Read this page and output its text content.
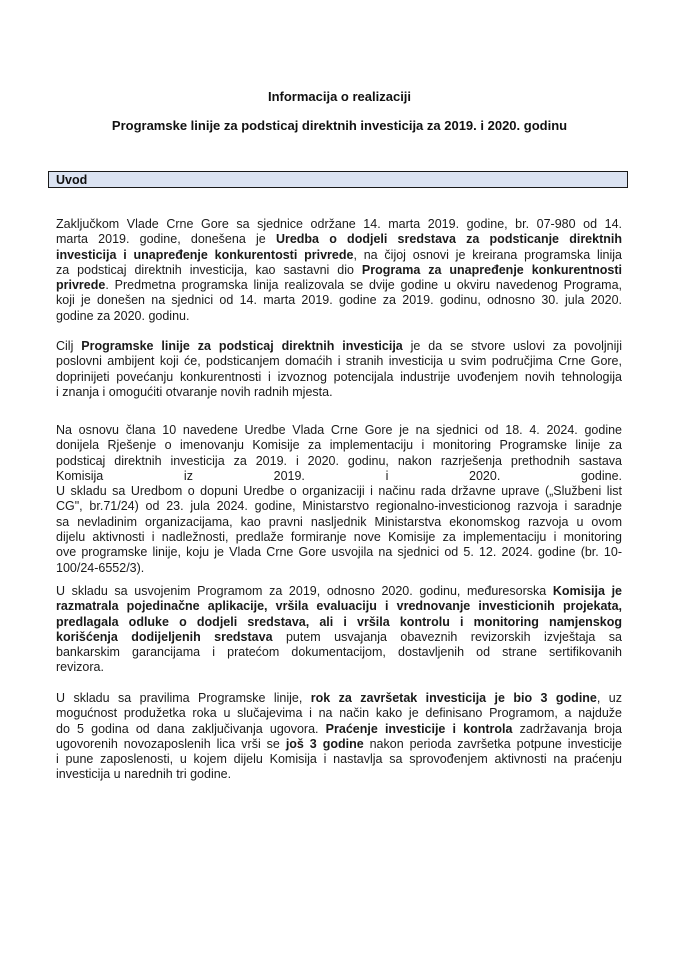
Informacija o realizaciji
Programske linije za podsticaj direktnih investicija za 2019. i 2020. godinu
Uvod
Zaključkom Vlade Crne Gore sa sjednice održane 14. marta 2019. godine, br. 07-980 od 14.
marta 2019. godine, donešena je Uredba o dodjeli sredstava za podsticanje direktnih
investicija i unapređenje konkurentosti privrede, na čijoj osnovi je kreirana programska linija
za podsticaj direktnih investicija, kao sastavni dio Programa za unapređenje konkurentnosti
privrede. Predmetna programska linija realizovala se dvije godine u okviru navedenog Programa,
koji je donešen na sjednici od 14. marta 2019. godine za 2019. godinu, odnosno 30. jula 2020.
godine za 2020. godinu.
Cilj Programske linije za podsticaj direktnih investicija je da se stvore uslovi za povoljniji
poslovni ambijent koji će, podsticanjem domaćih i stranih investicija u svim područjima Crne Gore,
doprinijeti povećanju konkurentnosti i izvoznog potencijala industrije uvođenjem novih tehnologija
i znanja i omogućiti otvaranje novih radnih mjesta.
Na osnovu člana 10 navedene Uredbe Vlada Crne Gore je na sjednici od 18. 4. 2024. godine
donijela Rješenje o imenovanju Komisije za implementaciju i monitoring Programske linije za
podsticaj direktnih investicija za 2019. i 2020. godinu, nakon razrješenja prethodnih sastava
Komisija iz 2019. i 2020. godine.
U skladu sa Uredbom o dopuni Uredbe o organizaciji i načinu rada državne uprave („Službeni list
CG", br.71/24) od 23. jula 2024. godine, Ministarstvo regionalno-investicionog razvoja i saradnje
sa nevladinim organizacijama, kao pravni nasljednik Ministarstva ekonomskog razvoja u ovom
dijelu aktivnosti i nadležnosti, predlaže formiranje nove Komisije za implementaciju i monitoring
ove programske linije, koju je Vlada Crne Gore usvojila na sjednici od 5. 12. 2024. godine (br. 10-
100/24-6552/3).
U skladu sa usvojenim Programom za 2019, odnosno 2020. godinu, međuresorska Komisija je
razmatrala pojedinačne aplikacije, vršila evaluaciju i vrednovanje investicionih projekata,
predlagala odluke o dodjeli sredstava, ali i vršila kontrolu i monitoring namjenskog
korišćenja dodijeljenih sredstava putem usvajanja obaveznih revizorskih izvještaja sa
bankarskim garancijama i pratećom dokumentacijom, dostavljenih od strane sertifikovanih
revizora.
U skladu sa pravilima Programske linije, rok za završetak investicija je bio 3 godine, uz
mogućnost produžetka roka u slučajevima i na način kako je definisano Programom, a najduže
do 5 godina od dana zaključivanja ugovora. Praćenje investicije i kontrola zadržavanja broja
ugovorenih novozaposlenih lica vrši se još 3 godine nakon perioda završetka potpune investicije
i pune zaposlenosti, u kojem dijelu Komisija i nastavlja sa sprovođenjem aktivnosti na praćenju
investicija u narednih tri godine.
